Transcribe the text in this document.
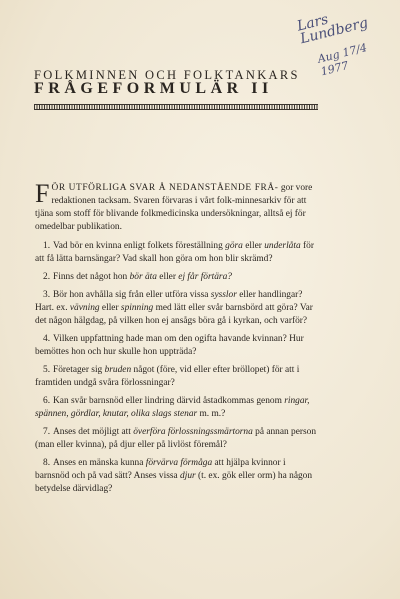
Lars Lundberg
Aug 17/4 1977
FOLKMINNEN OCH FOLKTANKARS
FRÅGEFORMULÄR II

F ÖR UTFÖRLIGA SVAR Å NEDANSTÅENDE FRÅ- gor vore redaktionen tacksam. Svaren förvaras i vårt folk-minnesarkiv för att tjäna som stoff för blivande folkmedicinska undersökningar, alltså ej för omedelbar publikation.

1. Vad bör en kvinna enligt folkets föreställning göra eller underlåta för att få lätta barnsängar? Vad skall hon göra om hon blir skrämd?

2. Finns det något hon bör äta eller ej får förtära?

3. Bör hon avhålla sig från eller utföra vissa sysslor eller handlingar? Hart. ex. vävning eller spinning med lätt eller svår barnsbörd att göra? Var det någon hälgdag, på vilken hon ej ansågs böra gå i kyrkan, och varför?

4. Vilken uppfattning hade man om den ogifta havande kvinnan? Hur bemöttes hon och hur skulle hon uppträda?

5. Företager sig bruden något (före, vid eller efter bröllopet) för att i framtiden undgå svåra förlossningar?

6. Kan svår barnsnöd eller lindring därvid åstadkommas genom ringar, spännen, gördlar, knutar, olika slags stenar m. m.?

7. Anses det möjligt att överföra förlossningssmärtorna på annan person (man eller kvinna), på djur eller på livlöst föremål?

8. Anses en mänska kunna förvärva förmåga att hjälpa kvinnor i barnsnöd och på vad sätt? Anses vissa djur (t. ex. gök eller orm) ha någon betydelse därvidlag?
